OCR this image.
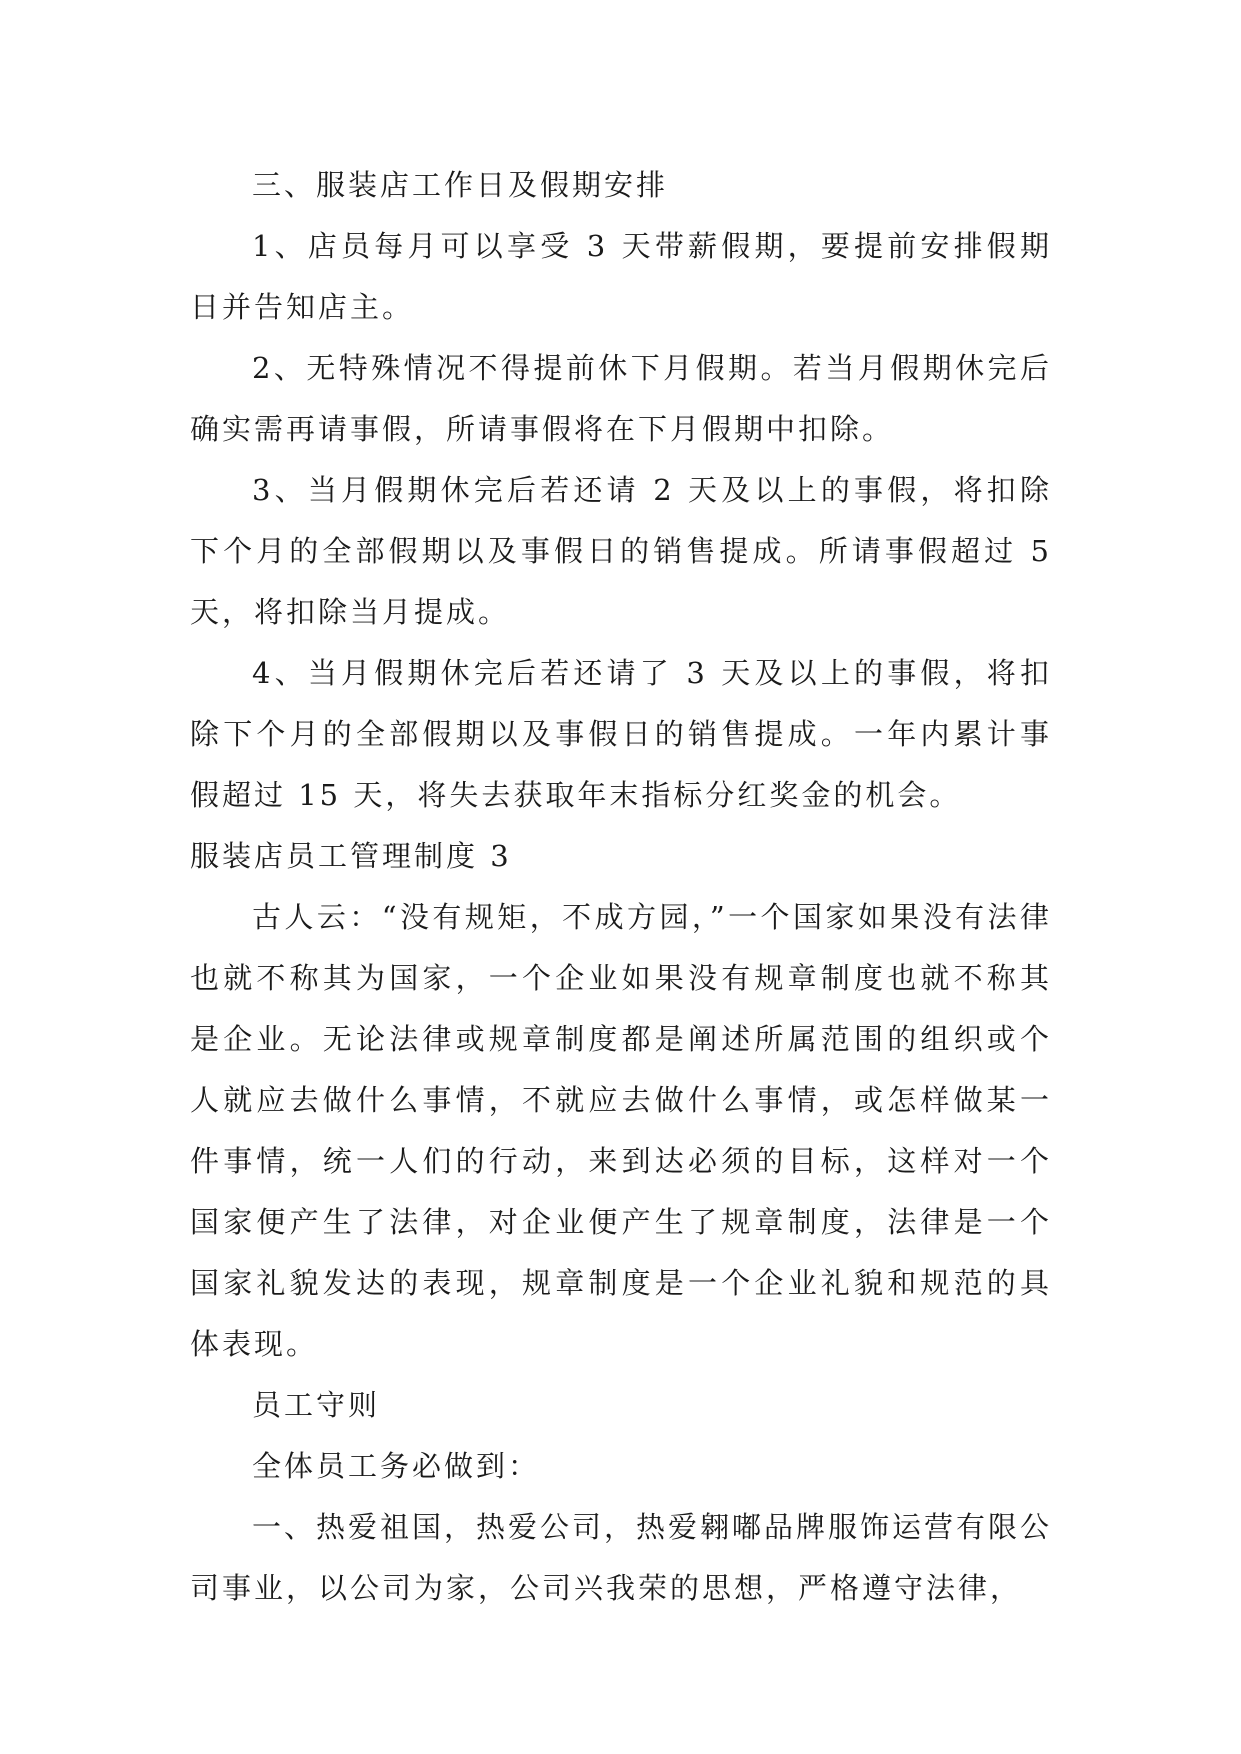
三、服装店工作日及假期安排

1、店员每月可以享受 3 天带薪假期，要提前安排假期日并告知店主。

2、无特殊情况不得提前休下月假期。若当月假期休完后确实需再请事假，所请事假将在下月假期中扣除。

3、当月假期休完后若还请 2 天及以上的事假，将扣除下个月的全部假期以及事假日的销售提成。所请事假超过 5天，将扣除当月提成。

4、当月假期休完后若还请了 3 天及以上的事假，将扣除下个月的全部假期以及事假日的销售提成。一年内累计事假超过 15 天，将失去获取年末指标分红奖金的机会。

服装店员工管理制度 3

古人云：“没有规矩，不成方园，”一个国家如果没有法律也就不称其为国家，一个企业如果没有规章制度也就不称其是企业。无论法律或规章制度都是阐述所属范围的组织或个人就应去做什么事情，不就应去做什么事情，或怎样做某一件事情，统一人们的行动，来到达必须的目标，这样对一个国家便产生了法律，对企业便产生了规章制度，法律是一个国家礼貌发达的表现，规章制度是一个企业礼貌和规范的具体表现。

员工守则

全体员工务必做到：

一、热爱祖国，热爱公司，热爱翱嘟品牌服饰运营有限公司事业，以公司为家，公司兴我荣的思想，严格遵守法律，
